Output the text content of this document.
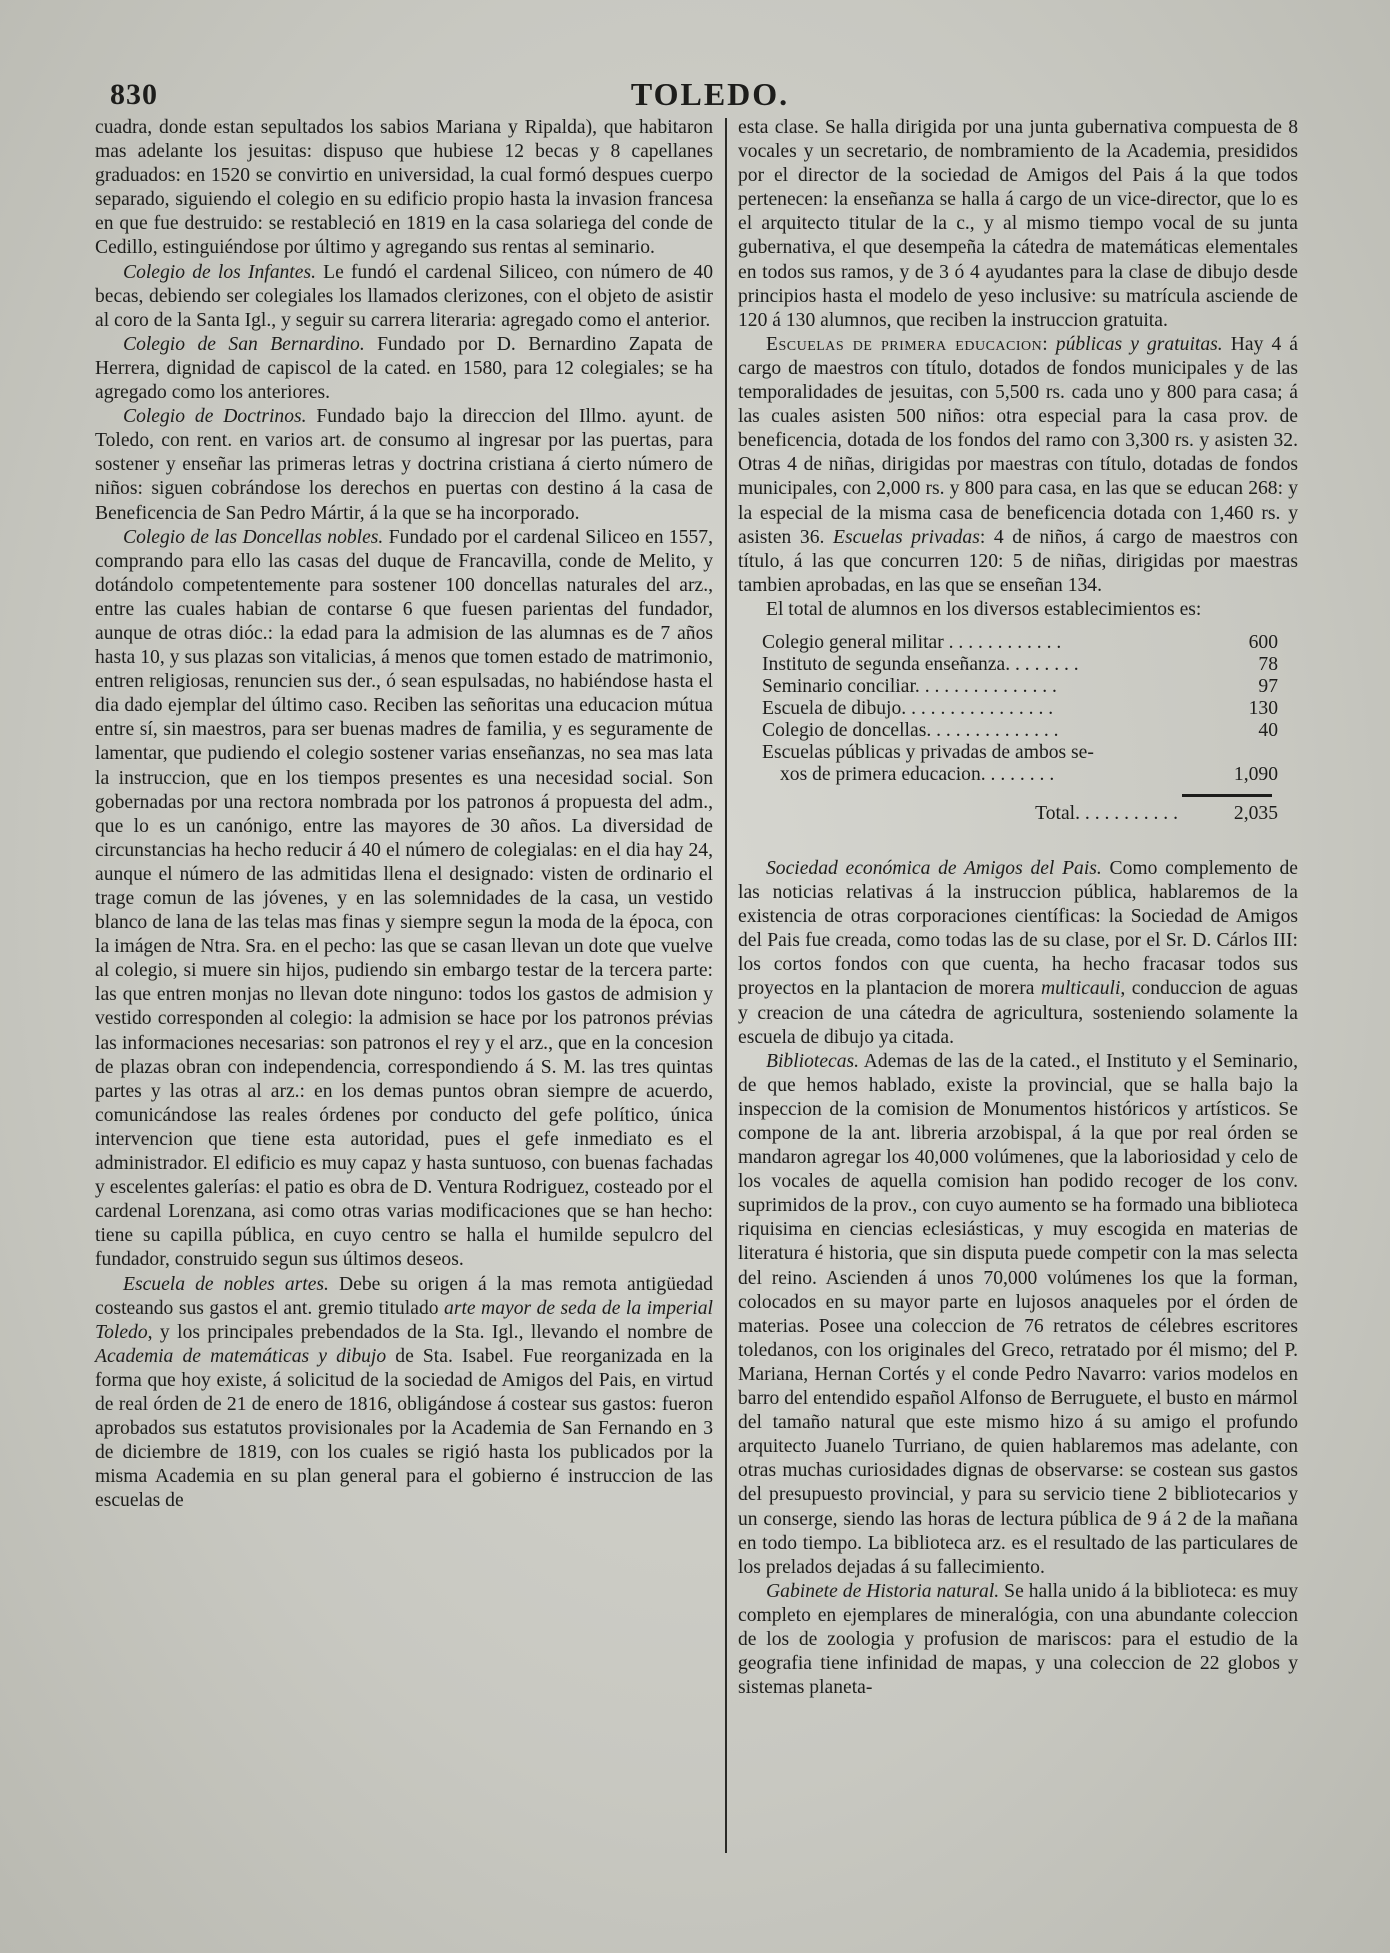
830	TOLEDO.

cuadra, donde estan sepultados los sabios Mariana y Ripalda), que habitaron mas adelante los jesuitas: dispuso que hubiese 12 becas y 8 capellanes graduados: en 1520 se convirtio en universidad, la cual formó despues cuerpo separado, siguiendo el colegio en su edificio propio hasta la invasion francesa en que fue destruido: se restableció en 1819 en la casa solariega del conde de Cedillo, estinguiéndose por último y agregando sus rentas al seminario.

Colegio de los Infantes. Le fundó el cardenal Siliceo, con número de 40 becas, debiendo ser colegiales los llamados clerizones, con el objeto de asistir al coro de la Santa Igl., y seguir su carrera literaria: agregado como el anterior.

Colegio de San Bernardino. Fundado por D. Bernardino Zapata de Herrera, dignidad de capiscol de la cated. en 1580, para 12 colegiales; se ha agregado como los anteriores.

Colegio de Doctrinos. Fundado bajo la direccion del Illmo. ayunt. de Toledo, con rent. en varios art. de consumo al ingresar por las puertas, para sostener y enseñar las primeras letras y doctrina cristiana á cierto número de niños: siguen cobrándose los derechos en puertas con destino á la casa de Beneficencia de San Pedro Mártir, á la que se ha incorporado.

Colegio de las Doncellas nobles. Fundado por el cardenal Siliceo en 1557, comprando para ello las casas del duque de Francavilla, conde de Melito, y dotándolo competentemente para sostener 100 doncellas naturales del arz., entre las cuales habian de contarse 6 que fuesen parientas del fundador, aunque de otras dióc.: la edad para la admision de las alumnas es de 7 años hasta 10, y sus plazas son vitalicias, á menos que tomen estado de matrimonio, entren religiosas, renuncien sus der., ó sean espulsadas, no habiéndose hasta el dia dado ejemplar del último caso. Reciben las señoritas una educacion mútua entre sí, sin maestros, para ser buenas madres de familia, y es seguramente de lamentar, que pudiendo el colegio sostener varias enseñanzas, no sea mas lata la instruccion, que en los tiempos presentes es una necesidad social. Son gobernadas por una rectora nombrada por los patronos á propuesta del adm., que lo es un canónigo, entre las mayores de 30 años. La diversidad de circunstancias ha hecho reducir á 40 el número de colegialas: en el dia hay 24, aunque el número de las admitidas llena el designado: visten de ordinario el trage comun de las jóvenes, y en las solemnidades de la casa, un vestido blanco de lana de las telas mas finas y siempre segun la moda de la época, con la imágen de Ntra. Sra. en el pecho: las que se casan llevan un dote que vuelve al colegio, si muere sin hijos, pudiendo sin embargo testar de la tercera parte: las que entren monjas no llevan dote ninguno: todos los gastos de admision y vestido corresponden al colegio: la admision se hace por los patronos prévias las informaciones necesarias: son patronos el rey y el arz., que en la concesion de plazas obran con independencia, correspondiendo á S. M. las tres quintas partes y las otras al arz.: en los demas puntos obran siempre de acuerdo, comunicándose las reales órdenes por conducto del gefe político, única intervencion que tiene esta autoridad, pues el gefe inmediato es el administrador. El edificio es muy capaz y hasta suntuoso, con buenas fachadas y escelentes galerías: el patio es obra de D. Ventura Rodriguez, costeado por el cardenal Lorenzana, asi como otras varias modificaciones que se han hecho: tiene su capilla pública, en cuyo centro se halla el humilde sepulcro del fundador, construido segun sus últimos deseos.

Escuela de nobles artes. Debe su origen á la mas remota antigüedad costeando sus gastos el ant. gremio titulado arte mayor de seda de la imperial Toledo, y los principales prebendados de la Sta. Igl., llevando el nombre de Academia de matemáticas y dibujo de Sta. Isabel. Fue reorganizada en la forma que hoy existe, á solicitud de la sociedad de Amigos del Pais, en virtud de real órden de 21 de enero de 1816, obligándose á costear sus gastos: fueron aprobados sus estatutos provisionales por la Academia de San Fernando en 3 de diciembre de 1819, con los cuales se rigió hasta los publicados por la misma Academia en su plan general para el gobierno é instruccion de las escuelas de

esta clase. Se halla dirigida por una junta gubernativa compuesta de 8 vocales y un secretario, de nombramiento de la Academia, presididos por el director de la sociedad de Amigos del Pais á la que todos pertenecen: la enseñanza se halla á cargo de un vice-director, que lo es el arquitecto titular de la c., y al mismo tiempo vocal de su junta gubernativa, el que desempeña la cátedra de matemáticas elementales en todos sus ramos, y de 3 ó 4 ayudantes para la clase de dibujo desde principios hasta el modelo de yeso inclusive: su matrícula asciende de 120 á 130 alumnos, que reciben la instruccion gratuita.

Escuelas de primera educacion: públicas y gratuitas. Hay 4 á cargo de maestros con título, dotados de fondos municipales y de las temporalidades de jesuitas, con 5,500 rs. cada uno y 800 para casa; á las cuales asisten 500 niños: otra especial para la casa prov. de beneficencia, dotada de los fondos del ramo con 3,300 rs. y asisten 32. Otras 4 de niñas, dirigidas por maestras con título, dotadas de fondos municipales, con 2,000 rs. y 800 para casa, en las que se educan 268: y la especial de la misma casa de beneficencia dotada con 1,460 rs. y asisten 36. Escuelas privadas: 4 de niños, á cargo de maestros con título, á las que concurren 120: 5 de niñas, dirigidas por maestras tambien aprobadas, en las que se enseñan 134.

El total de alumnos en los diversos establecimientos es:

Colegio general militar . . . . . . . . . . . .	600
Instituto de segunda enseñanza. . . . . . . .	78
Seminario conciliar. . . . . . . . . . . . . . .	97
Escuela de dibujo. . . . . . . . . . . . . . . .	130
Colegio de doncellas. . . . . . . . . . . . . .	40
Escuelas públicas y privadas de ambos se-
xos de primera educacion. . . . . . . .	1,090
Total. . . . . . . . . . .	2,035

Sociedad económica de Amigos del Pais. Como complemento de las noticias relativas á la instruccion pública, hablaremos de la existencia de otras corporaciones científicas: la Sociedad de Amigos del Pais fue creada, como todas las de su clase, por el Sr. D. Cárlos III: los cortos fondos con que cuenta, ha hecho fracasar todos sus proyectos en la plantacion de morera multicauli, conduccion de aguas y creacion de una cátedra de agricultura, sosteniendo solamente la escuela de dibujo ya citada.

Bibliotecas. Ademas de las de la cated., el Instituto y el Seminario, de que hemos hablado, existe la provincial, que se halla bajo la inspeccion de la comision de Monumentos históricos y artísticos. Se compone de la ant. libreria arzobispal, á la que por real órden se mandaron agregar los 40,000 volúmenes, que la laboriosidad y celo de los vocales de aquella comision han podido recoger de los conv. suprimidos de la prov., con cuyo aumento se ha formado una biblioteca riquisima en ciencias eclesiásticas, y muy escogida en materias de literatura é historia, que sin disputa puede competir con la mas selecta del reino. Ascienden á unos 70,000 volúmenes los que la forman, colocados en su mayor parte en lujosos anaqueles por el órden de materias. Posee una coleccion de 76 retratos de célebres escritores toledanos, con los originales del Greco, retratado por él mismo; del P. Mariana, Hernan Cortés y el conde Pedro Navarro: varios modelos en barro del entendido español Alfonso de Berruguete, el busto en mármol del tamaño natural que este mismo hizo á su amigo el profundo arquitecto Juanelo Turriano, de quien hablaremos mas adelante, con otras muchas curiosidades dignas de observarse: se costean sus gastos del presupuesto provincial, y para su servicio tiene 2 bibliotecarios y un conserge, siendo las horas de lectura pública de 9 á 2 de la mañana en todo tiempo. La biblioteca arz. es el resultado de las particulares de los prelados dejadas á su fallecimiento.

Gabinete de Historia natural. Se halla unido á la biblioteca: es muy completo en ejemplares de mineralógia, con una abundante coleccion de los de zoologia y profusion de mariscos: para el estudio de la geografia tiene infinidad de mapas, y una coleccion de 22 globos y sistemas planeta-
